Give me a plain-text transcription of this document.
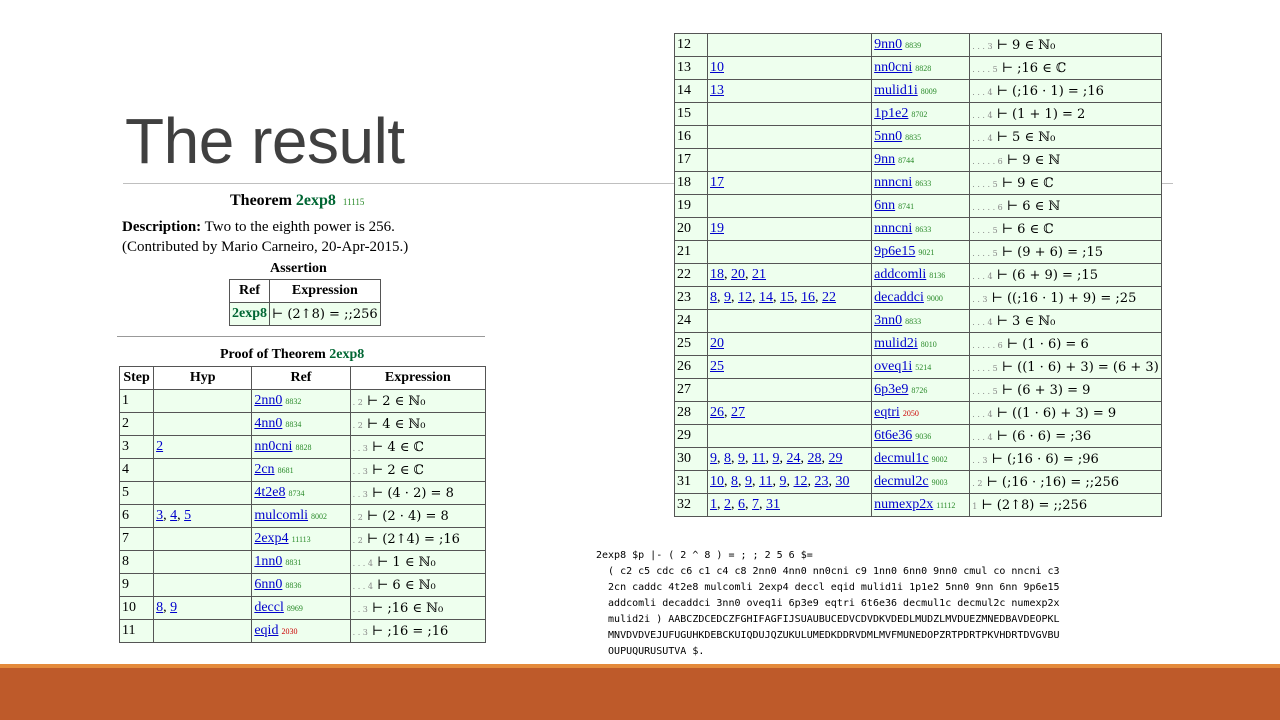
The result
Theorem 2exp8 11115
Description: Two to the eighth power is 256.
(Contributed by Mario Carneiro, 20-Apr-2015.)
Assertion
Ref	Expression
2exp8	⊢ (2↑8) = ;;256
Proof of Theorem 2exp8
Step	Hyp	Ref	Expression
1		2nn0 8832	. 2 ⊢ 2 ∈ ℕ₀
2		4nn0 8834	. 2 ⊢ 4 ∈ ℕ₀
3	2	nn0cni 8828	. . 3 ⊢ 4 ∈ ℂ
4		2cn 8681	. . 3 ⊢ 2 ∈ ℂ
5		4t2e8 8734	. . 3 ⊢ (4 · 2) = 8
6	3, 4, 5	mulcomli 8002	. 2 ⊢ (2 · 4) = 8
7		2exp4 11113	. 2 ⊢ (2↑4) = ;16
8		1nn0 8831	. . . 4 ⊢ 1 ∈ ℕ₀
9		6nn0 8836	. . . 4 ⊢ 6 ∈ ℕ₀
10	8, 9	deccl 8969	. . 3 ⊢ ;16 ∈ ℕ₀
11		eqid 2030	. . 3 ⊢ ;16 = ;16
12		9nn0 8839	. . . 3 ⊢ 9 ∈ ℕ₀
13	10	nn0cni 8828	. . . . 5 ⊢ ;16 ∈ ℂ
14	13	mulid1i 8009	. . . 4 ⊢ (;16 · 1) = ;16
15		1p1e2 8702	. . . 4 ⊢ (1 + 1) = 2
16		5nn0 8835	. . . 4 ⊢ 5 ∈ ℕ₀
17		9nn 8744	. . . . . 6 ⊢ 9 ∈ ℕ
18	17	nnncni 8633	. . . . 5 ⊢ 9 ∈ ℂ
19		6nn 8741	. . . . . 6 ⊢ 6 ∈ ℕ
20	19	nnncni 8633	. . . . 5 ⊢ 6 ∈ ℂ
21		9p6e15 9021	. . . . 5 ⊢ (9 + 6) = ;15
22	18, 20, 21	addcomli 8136	. . . 4 ⊢ (6 + 9) = ;15
23	8, 9, 12, 14, 15, 16, 22	decaddci 9000	. . 3 ⊢ ((;16 · 1) + 9) = ;25
24		3nn0 8833	. . . 4 ⊢ 3 ∈ ℕ₀
25	20	mulid2i 8010	. . . . . 6 ⊢ (1 · 6) = 6
26	25	oveq1i 5214	. . . . 5 ⊢ ((1 · 6) + 3) = (6 + 3)
27		6p3e9 8726	. . . . 5 ⊢ (6 + 3) = 9
28	26, 27	eqtri 2050	. . . 4 ⊢ ((1 · 6) + 3) = 9
29		6t6e36 9036	. . . 4 ⊢ (6 · 6) = ;36
30	9, 8, 9, 11, 9, 24, 28, 29	decmul1c 9002	. . 3 ⊢ (;16 · 6) = ;96
31	10, 8, 9, 11, 9, 12, 23, 30	decmul2c 9003	. 2 ⊢ (;16 · ;16) = ;;256
32	1, 2, 6, 7, 31	numexp2x 11112	1 ⊢ (2↑8) = ;;256
2exp8 $p |- ( 2 ^ 8 ) = ; ; 2 5 6 $=
( c2 c5 cdc c6 c1 c4 c8 2nn0 4nn0 nn0cni c9 1nn0 6nn0 9nn0 cmul co nncni c3
2cn caddc 4t2e8 mulcomli 2exp4 deccl eqid mulid1i 1p1e2 5nn0 9nn 6nn 9p6e15
addcomli decaddci 3nn0 oveq1i 6p3e9 eqtri 6t6e36 decmul1c decmul2c numexp2x
mulid2i ) AABCZDCEDCZFGHIFAGFIJSUAUBUCEDVCDVDKVDEDLMUDZLMVDUEZMNEDBAVDEOPKL
MNVDVDVEJUFUGUHKDEBCKUIQDUJQZUKULUMEDKDDRVDMLMVFMUNEDOPZRTPDRTPKVHDRTDVGVBU
OUPUQURUSUTVA $.
